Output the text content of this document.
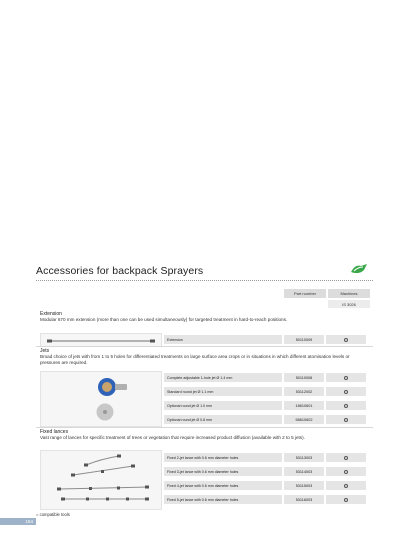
Accessories for backpack Sprayers
Part number	Machines
IS 3026
Extension
Modular 670 mm extension (more than one can be used simultaneously) for targeted treatment in hard-to-reach positions.
Extension	50110009
Jets
Broad choice of jets with from 1 to 5 holes for differentiated treatments on large surface area crops or in situations in which different atomisation levels or pressures are required.
Complete adjustable 1-hole jet Ø 1.4 mm	50110008
Standard round jet Ø 1.1 mm	53112002
Optional round jet Ø 1.0 mm	18610601
Optional round jet Ø 0.8 mm	58610602
Fixed lances
Vast range of lances for specific treatment of trees or vegetation that require increased product diffusion (available with 2 to 5 jets).
Fixed 2-jet lance with 0.6 mm diameter holes	53113003
Fixed 3-jet lance with 0.6 mm diameter holes	53114003
Fixed 4-jet lance with 0.6 mm diameter holes	53115003
Fixed 5-jet lance with 0.6 mm diameter holes	53116003
= compatible tools
154
